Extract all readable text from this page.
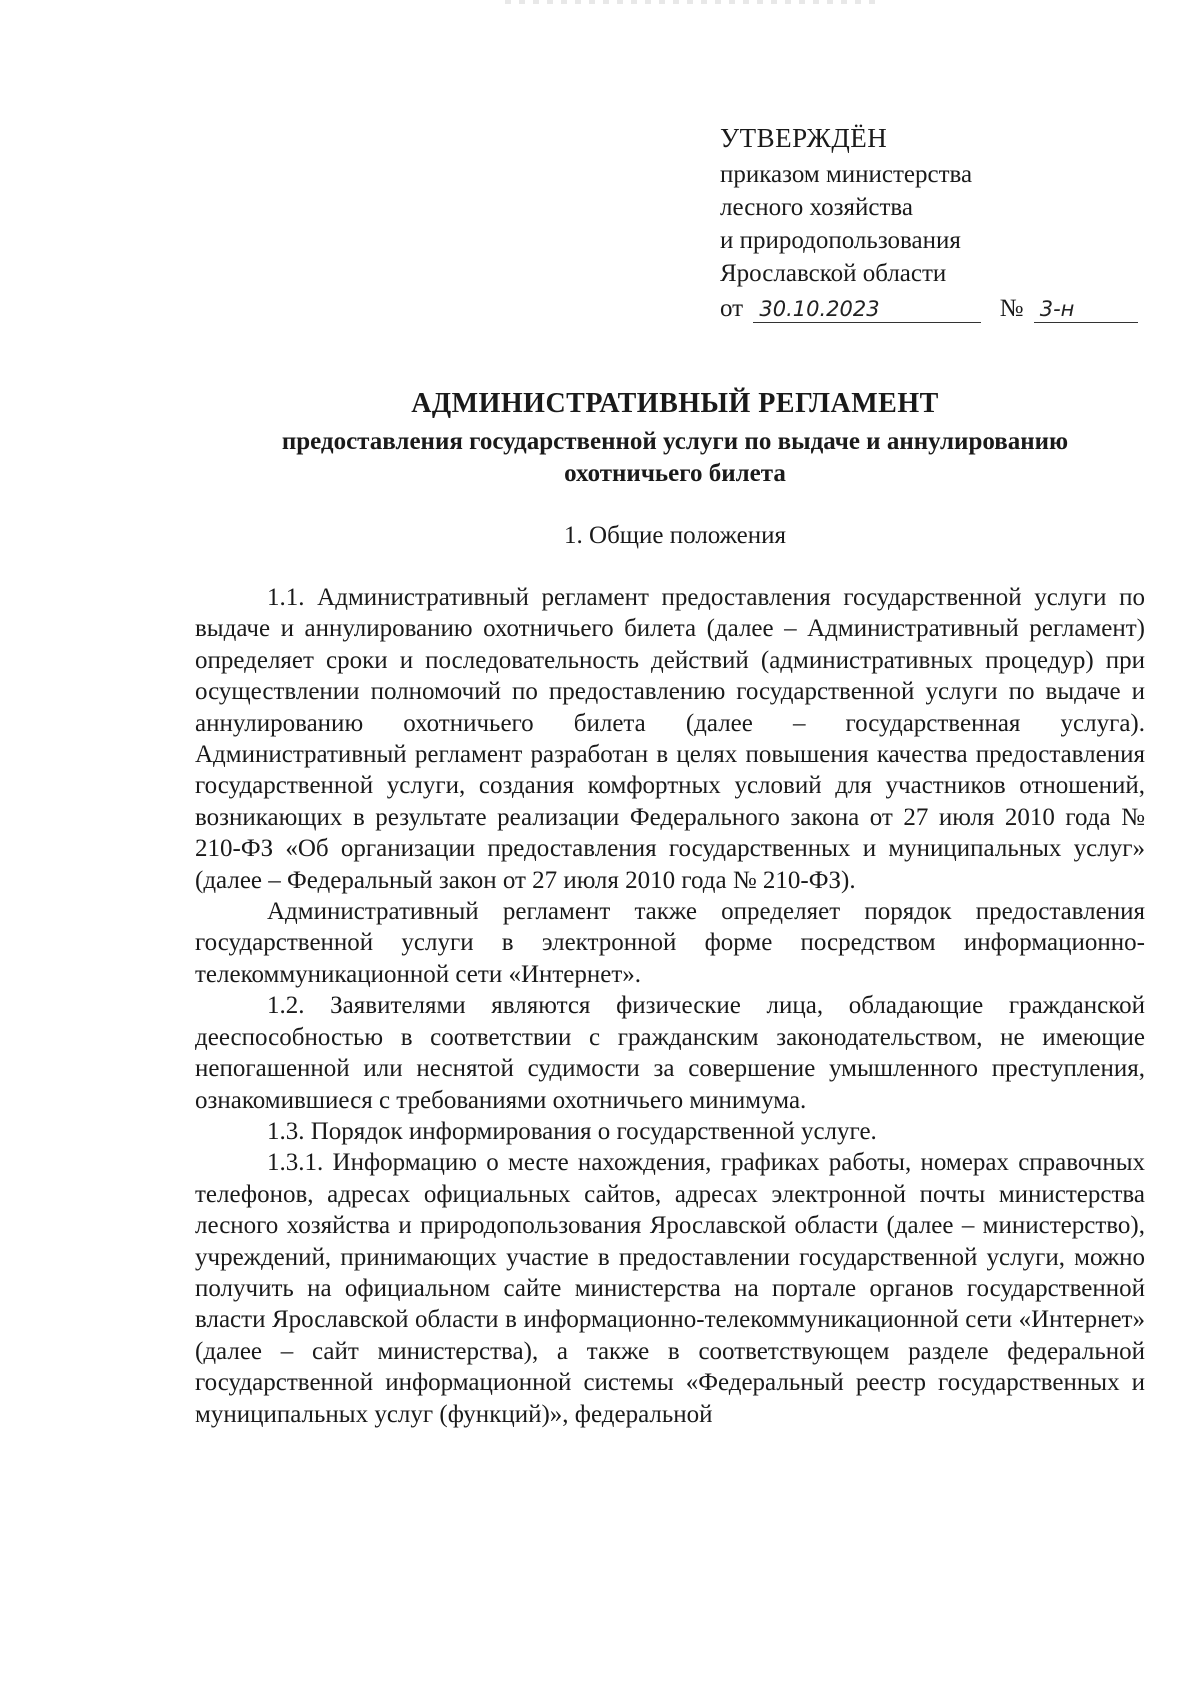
УТВЕРЖДЁН
приказом министерства
лесного хозяйства
и природопользования
Ярославской области
от 30.10.2023	№ 3-н
АДМИНИСТРАТИВНЫЙ РЕГЛАМЕНТ
предоставления государственной услуги по выдаче и аннулированию
охотничьего билета
1. Общие положения

1.1. Административный регламент предоставления государственной услуги по выдаче и аннулированию охотничьего билета (далее – Административный регламент) определяет сроки и последовательность действий (административных процедур) при осуществлении полномочий по предоставлению государственной услуги по выдаче и аннулированию охотничьего билета (далее – государственная услуга). Административный регламент разработан в целях повышения качества предоставления государственной услуги, создания комфортных условий для участников отношений, возникающих в результате реализации Федерального закона от 27 июля 2010 года № 210-ФЗ «Об организации предоставления государственных и муниципальных услуг» (далее – Федеральный закон от 27 июля 2010 года № 210-ФЗ).

Административный регламент также определяет порядок предоставления государственной услуги в электронной форме посредством информационно-телекоммуникационной сети «Интернет».

1.2. Заявителями являются физические лица, обладающие гражданской дееспособностью в соответствии с гражданским законодательством, не имеющие непогашенной или неснятой судимости за совершение умышленного преступления, ознакомившиеся с требованиями охотничьего минимума.

1.3. Порядок информирования о государственной услуге.

1.3.1. Информацию о месте нахождения, графиках работы, номерах справочных телефонов, адресах официальных сайтов, адресах электронной почты министерства лесного хозяйства и природопользования Ярославской области (далее – министерство), учреждений, принимающих участие в предоставлении государственной услуги, можно получить на официальном сайте министерства на портале органов государственной власти Ярославской области в информационно-телекоммуникационной сети «Интернет» (далее – сайт министерства), а также в соответствующем разделе федеральной государственной информационной системы «Федеральный реестр государственных и муниципальных услуг (функций)», федеральной
